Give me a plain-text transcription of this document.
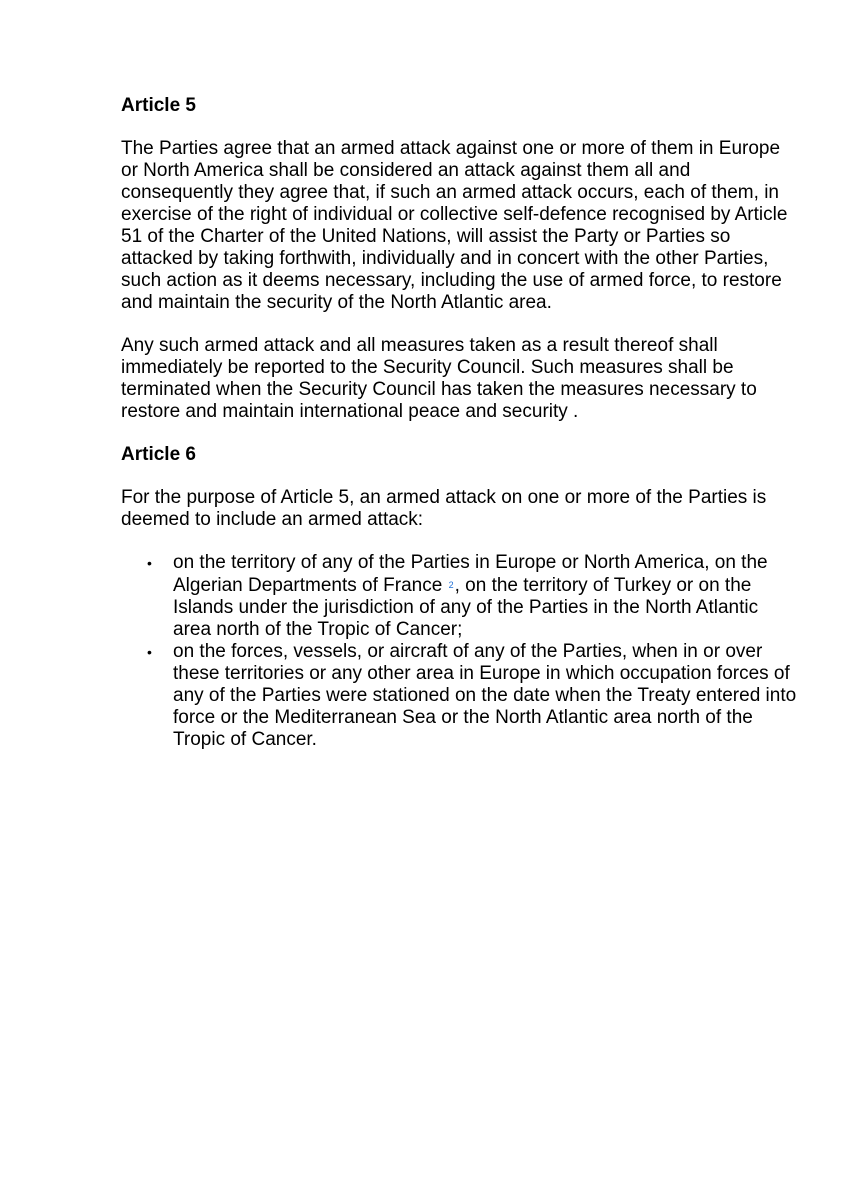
Article 5

The Parties agree that an armed attack against one or more of them in Europe or North America shall be considered an attack against them all and consequently they agree that, if such an armed attack occurs, each of them, in exercise of the right of individual or collective self-defence recognised by Article 51 of the Charter of the United Nations, will assist the Party or Parties so attacked by taking forthwith, individually and in concert with the other Parties, such action as it deems necessary, including the use of armed force, to restore and maintain the security of the North Atlantic area.

Any such armed attack and all measures taken as a result thereof shall immediately be reported to the Security Council. Such measures shall be terminated when the Security Council has taken the measures necessary to restore and maintain international peace and security .

Article 6

For the purpose of Article 5, an armed attack on one or more of the Parties is deemed to include an armed attack:

• on the territory of any of the Parties in Europe or North America, on the Algerian Departments of France 2, on the territory of Turkey or on the Islands under the jurisdiction of any of the Parties in the North Atlantic area north of the Tropic of Cancer;
• on the forces, vessels, or aircraft of any of the Parties, when in or over these territories or any other area in Europe in which occupation forces of any of the Parties were stationed on the date when the Treaty entered into force or the Mediterranean Sea or the North Atlantic area north of the Tropic of Cancer.
